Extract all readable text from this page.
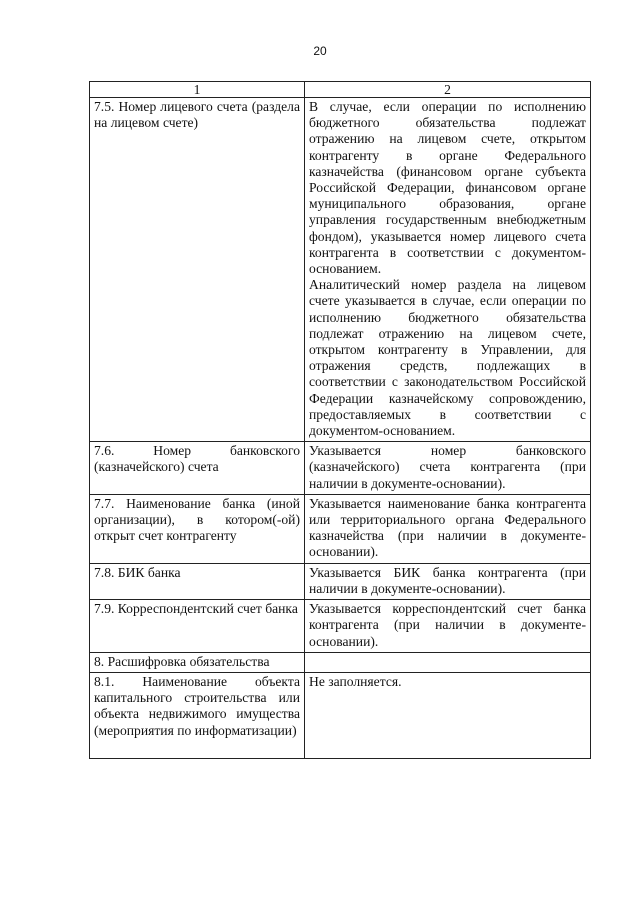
20
1	2
7.5. Номер лицевого счета (раздела на лицевом счете)	В случае, если операции по исполнению бюджетного обязательства подлежат отражению на лицевом счете, открытом контрагенту в органе Федерального казначейства (финансовом органе субъекта Российской Федерации, финансовом органе муниципального образования, органе управления государственным внебюджетным фондом), указывается номер лицевого счета контрагента в соответствии с документом-основанием.

Аналитический номер раздела на лицевом счете указывается в случае, если операции по исполнению бюджетного обязательства подлежат отражению на лицевом счете, открытом контрагенту в Управлении, для отражения средств, подлежащих в соответствии с законодательством Российской Федерации казначейскому сопровождению, предоставляемых в соответствии с документом-основанием.

7.6. Номер банковского (казначейского) счета	Указывается номер банковского (казначейского) счета контрагента (при наличии в документе-основании).

7.7. Наименование банка (иной организации), в котором(-ой) открыт счет контрагенту	Указывается наименование банка контрагента или территориального органа Федерального казначейства (при наличии в документе-основании).

7.8. БИК банка	Указывается БИК банка контрагента (при наличии в документе-основании).

7.9. Корреспондентский счет банка	Указывается корреспондентский счет банка контрагента (при наличии в документе-основании).

8. Расшифровка обязательства	
8.1. Наименование объекта капитального строительства или объекта недвижимого имущества (мероприятия по информатизации)	Не заполняется.
